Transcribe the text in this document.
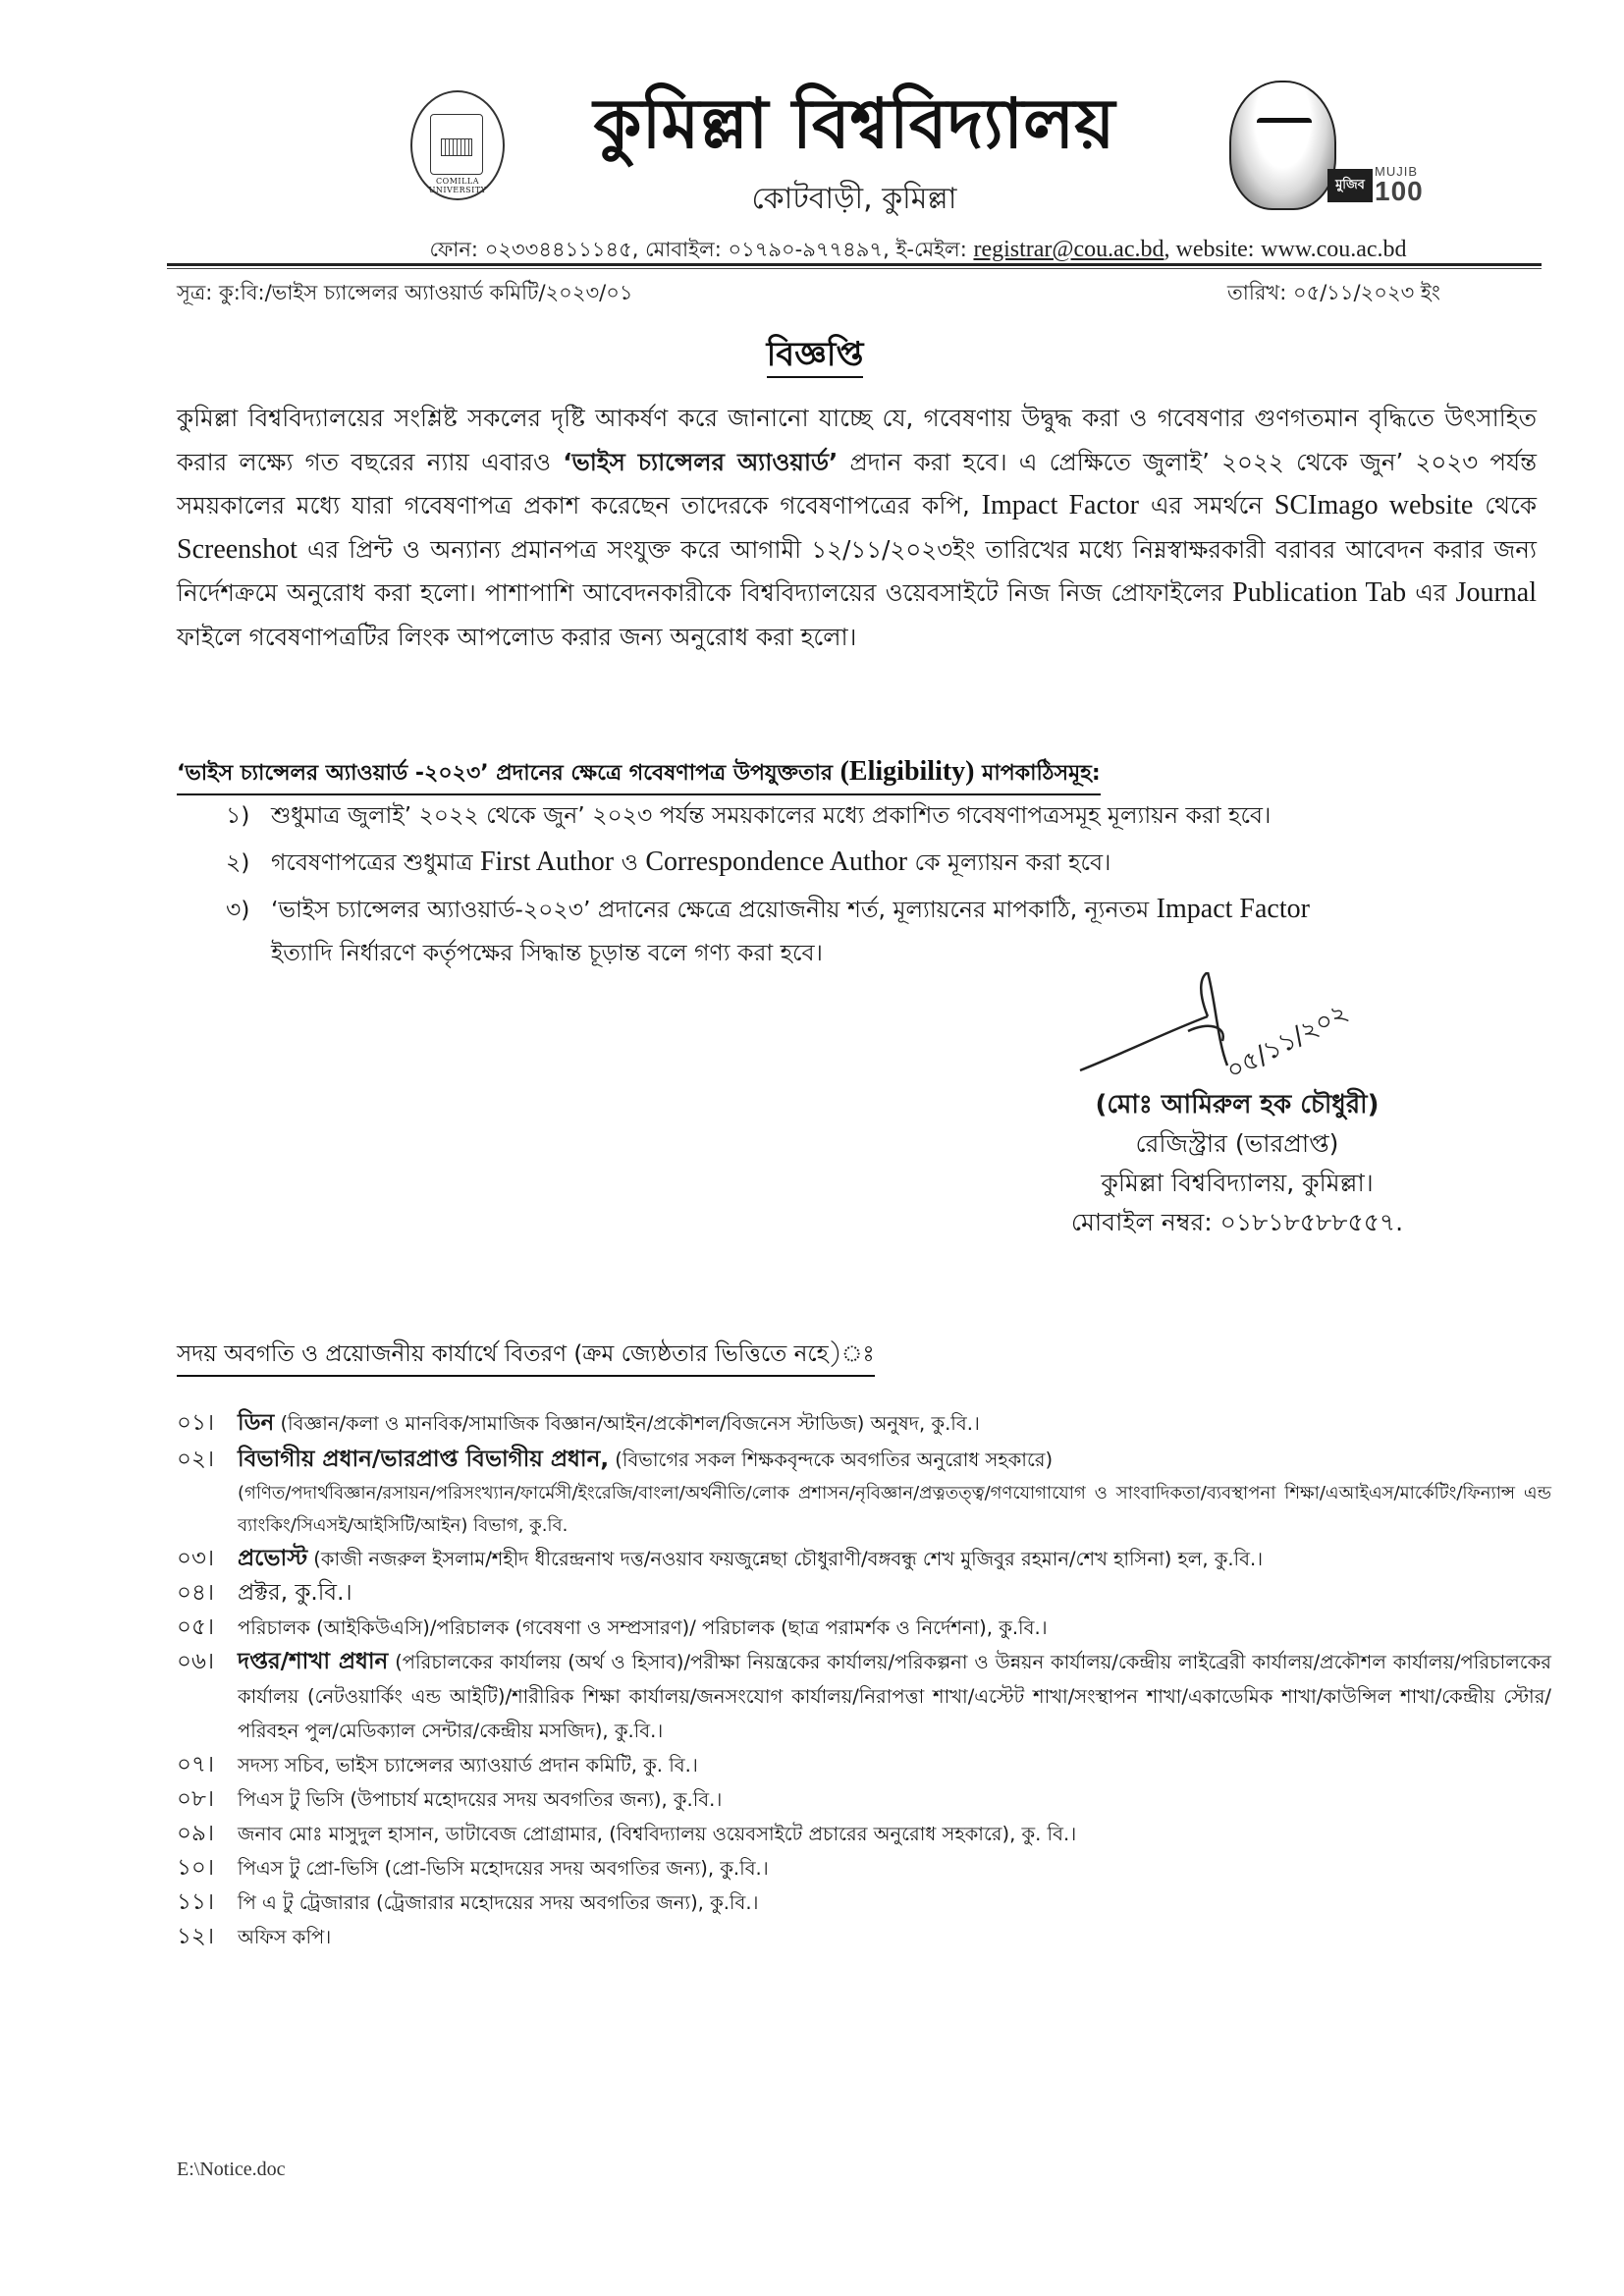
COMILLA UNIVERSITY
কুমিল্লা বিশ্ববিদ্যালয়
কোটবাড়ী, কুমিল্লা	মুজিব
MUJIB
100
ফোন: ০২৩৩৪৪১১১৪৫, মোবাইল: ০১৭৯০-৯৭৭৪৯৭, ই-মেইল: registrar@cou.ac.bd, website: www.cou.ac.bd
সূত্র: কু:বি:/ভাইস চ্যান্সেলর অ্যাওয়ার্ড কমিটি/২০২৩/০১	তারিখ: ০৫/১১/২০২৩ ইং
বিজ্ঞপ্তি
কুমিল্লা বিশ্ববিদ্যালয়ের সংশ্লিষ্ট সকলের দৃষ্টি আকর্ষণ করে জানানো যাচ্ছে যে, গবেষণায় উদ্বুদ্ধ করা ও গবেষণার গুণগতমান বৃদ্ধিতে উৎসাহিত করার লক্ষ্যে গত বছরের ন্যায় এবারও ‘ভাইস চ্যান্সেলর অ্যাওয়ার্ড’ প্রদান করা হবে। এ প্রেক্ষিতে জুলাই’ ২০২২ থেকে জুন’ ২০২৩ পর্যন্ত সময়কালের মধ্যে যারা গবেষণাপত্র প্রকাশ করেছেন তাদেরকে গবেষণাপত্রের কপি, Impact Factor এর সমর্থনে SCImago website থেকে Screenshot এর প্রিন্ট ও অন্যান্য প্রমানপত্র সংযুক্ত করে আগামী ১২/১১/২০২৩ইং তারিখের মধ্যে নিম্নস্বাক্ষরকারী বরাবর আবেদন করার জন্য নির্দেশক্রমে অনুরোধ করা হলো। পাশাপাশি আবেদনকারীকে বিশ্ববিদ্যালয়ের ওয়েবসাইটে নিজ নিজ প্রোফাইলের Publication Tab এর Journal ফাইলে গবেষণাপত্রটির লিংক আপলোড করার জন্য অনুরোধ করা হলো।
‘ভাইস চ্যান্সেলর অ্যাওয়ার্ড -২০২৩’ প্রদানের ক্ষেত্রে গবেষণাপত্র উপযুক্ততার (Eligibility) মাপকাঠিসমূহ:
১) শুধুমাত্র জুলাই’ ২০২২ থেকে জুন’ ২০২৩ পর্যন্ত সময়কালের মধ্যে প্রকাশিত গবেষণাপত্রসমূহ মূল্যায়ন করা হবে।
২) গবেষণাপত্রের শুধুমাত্র First Author ও Correspondence Author কে মূল্যায়ন করা হবে।
৩) ‘ভাইস চ্যান্সেলর অ্যাওয়ার্ড-২০২৩’ প্রদানের ক্ষেত্রে প্রয়োজনীয় শর্ত, মূল্যায়নের মাপকাঠি, ন্যূনতম Impact Factor
ইত্যাদি নির্ধারণে কর্তৃপক্ষের সিদ্ধান্ত চূড়ান্ত বলে গণ্য করা হবে।
০৫/১১/২০২
(মোঃ আমিরুল হক চৌধুরী)
রেজিস্ট্রার (ভারপ্রাপ্ত)
কুমিল্লা বিশ্ববিদ্যালয়, কুমিল্লা।
মোবাইল নম্বর: ০১৮১৮৫৮৮৫৫৭.
সদয় অবগতি ও প্রয়োজনীয় কার্যার্থে বিতরণ (ক্রম জ্যেষ্ঠতার ভিত্তিতে নহে)ঃ
০১।	ডিন (বিজ্ঞান/কলা ও মানবিক/সামাজিক বিজ্ঞান/আইন/প্রকৌশল/বিজনেস স্টাডিজ) অনুষদ, কু.বি.।
০২।	বিভাগীয় প্রধান/ভারপ্রাপ্ত বিভাগীয় প্রধান, (বিভাগের সকল শিক্ষকবৃন্দকে অবগতির অনুরোধ সহকারে)
(গণিত/পদার্থবিজ্ঞান/রসায়ন/পরিসংখ্যান/ফার্মেসী/ইংরেজি/বাংলা/অর্থনীতি/লোক প্রশাসন/নৃবিজ্ঞান/প্রত্নতত্ত্ব/গণযোগাযোগ ও সাংবাদিকতা/ব্যবস্থাপনা শিক্ষা/এআইএস/মার্কেটিং/ফিন্যান্স এন্ড ব্যাংকিং/সিএসই/আইসিটি/আইন) বিভাগ, কু.বি.
০৩।	প্রভোস্ট (কাজী নজরুল ইসলাম/শহীদ ধীরেন্দ্রনাথ দত্ত/নওয়াব ফয়জুন্নেছা চৌধুরাণী/বঙ্গবন্ধু শেখ মুজিবুর রহমান/শেখ হাসিনা) হল, কু.বি.।
০৪।	প্রক্টর, কু.বি.।
০৫।	পরিচালক (আইকিউএসি)/পরিচালক (গবেষণা ও সম্প্রসারণ)/ পরিচালক (ছাত্র পরামর্শক ও নির্দেশনা), কু.বি.।
০৬।	দপ্তর/শাখা প্রধান (পরিচালকের কার্যালয় (অর্থ ও হিসাব)/পরীক্ষা নিয়ন্ত্রকের কার্যালয়/পরিকল্পনা ও উন্নয়ন কার্যালয়/কেন্দ্রীয় লাইব্রেরী কার্যালয়/প্রকৌশল কার্যালয়/পরিচালকের কার্যালয় (নেটওয়ার্কিং এন্ড আইটি)/শারীরিক শিক্ষা কার্যালয়/জনসংযোগ কার্যালয়/নিরাপত্তা শাখা/এস্টেট শাখা/সংস্থাপন শাখা/একাডেমিক শাখা/কাউন্সিল শাখা/কেন্দ্রীয় স্টোর/পরিবহন পুল/মেডিক্যাল সেন্টার/কেন্দ্রীয় মসজিদ), কু.বি.।
০৭।	সদস্য সচিব, ভাইস চ্যান্সেলর অ্যাওয়ার্ড প্রদান কমিটি, কু. বি.।
০৮।	পিএস টু ভিসি (উপাচার্য মহোদয়ের সদয় অবগতির জন্য), কু.বি.।
০৯।	জনাব মোঃ মাসুদুল হাসান, ডাটাবেজ প্রোগ্রামার, (বিশ্ববিদ্যালয় ওয়েবসাইটে প্রচারের অনুরোধ সহকারে), কু. বি.।
১০।	পিএস টু প্রো-ভিসি (প্রো-ভিসি মহোদয়ের সদয় অবগতির জন্য), কু.বি.।
১১।	পি এ টু ট্রেজারার (ট্রেজারার মহোদয়ের সদয় অবগতির জন্য), কু.বি.।
১২।	অফিস কপি।
E:\Notice.doc
